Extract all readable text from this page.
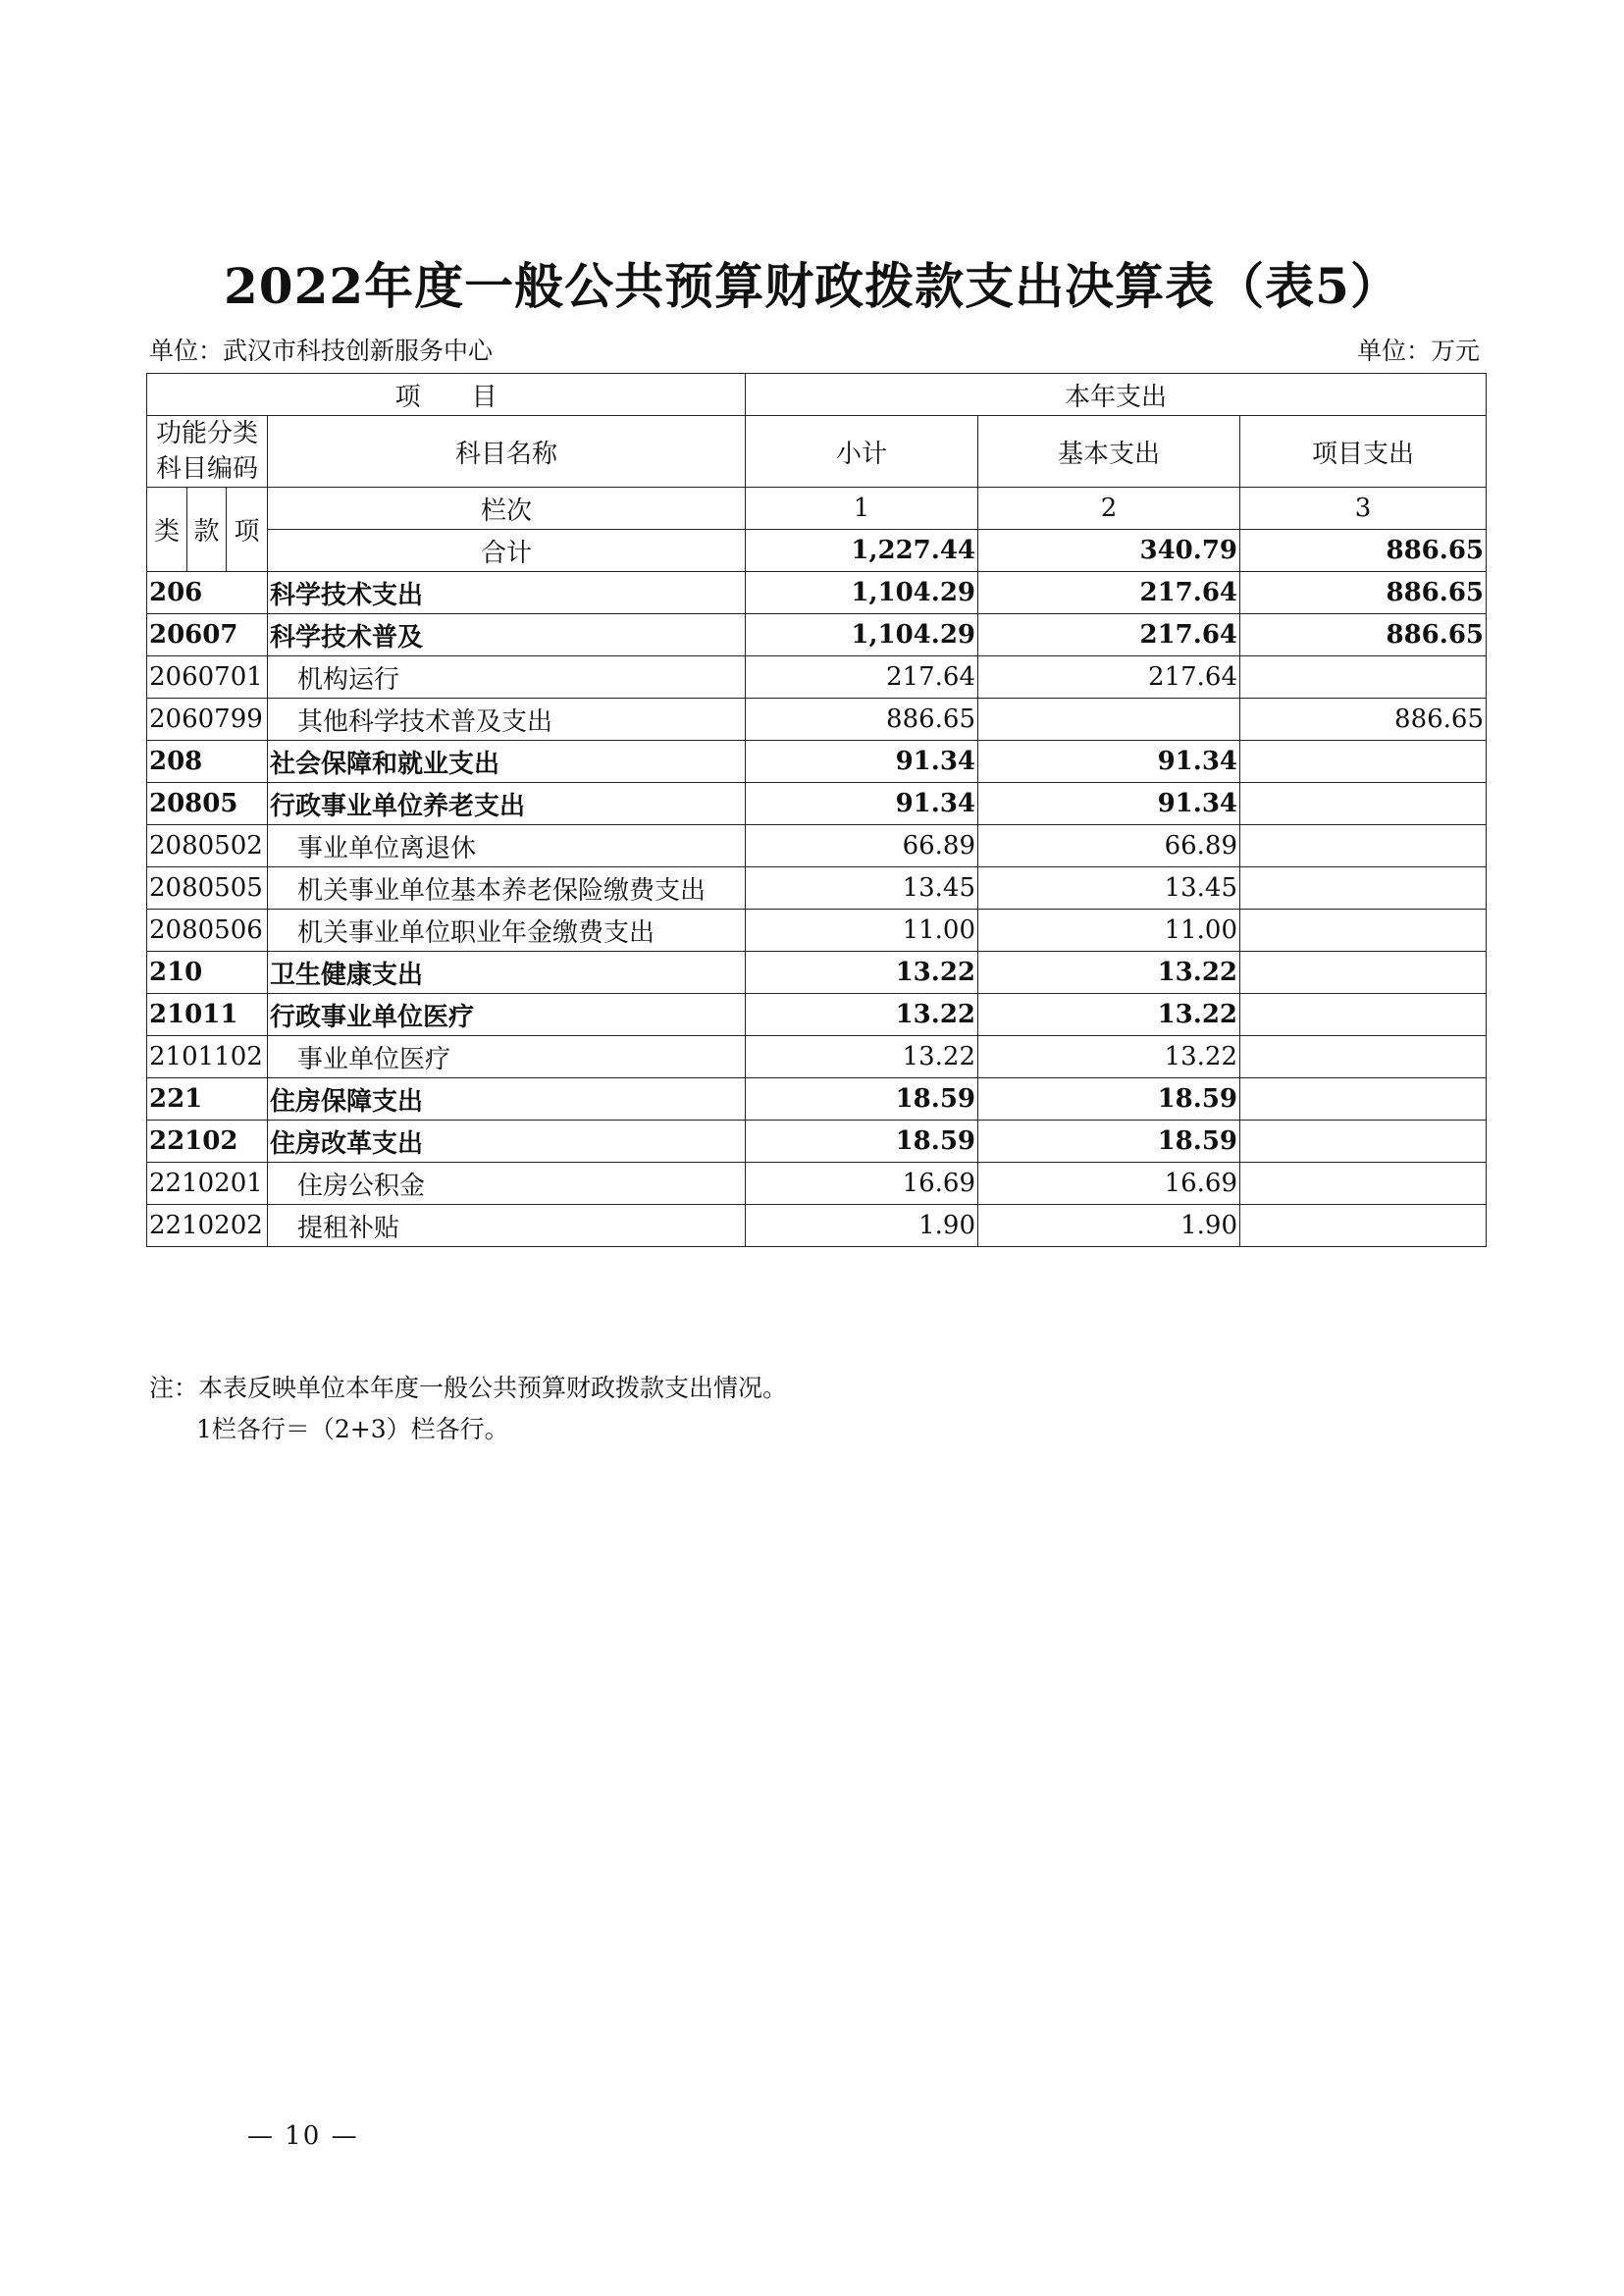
2022年度一般公共预算财政拨款支出决算表（表5）
单位：武汉市科技创新服务中心	单位：万元
项　　目				本年支出		
功能分类科目编码			科目名称	小计	基本支出	项目支出
类	款	项	栏次	1	2	3
			合计	1,227.44	340.79	886.65
206			科学技术支出	1,104.29	217.64	886.65
20607			科学技术普及	1,104.29	217.64	886.65
2060701			机构运行	217.64	217.64	
2060799			其他科学技术普及支出	886.65		886.65
208			社会保障和就业支出	91.34	91.34	
20805			行政事业单位养老支出	91.34	91.34	
2080502			事业单位离退休	66.89	66.89	
2080505			机关事业单位基本养老保险缴费支出	13.45	13.45	
2080506			机关事业单位职业年金缴费支出	11.00	11.00	
210			卫生健康支出	13.22	13.22	
21011			行政事业单位医疗	13.22	13.22	
2101102			事业单位医疗	13.22	13.22	
221			住房保障支出	18.59	18.59	
22102			住房改革支出	18.59	18.59	
2210201			住房公积金	16.69	16.69	
2210202			提租补贴	1.90	1.90	
注：本表反映单位本年度一般公共预算财政拨款支出情况。
1栏各行＝（2+3）栏各行。
— 10 —
